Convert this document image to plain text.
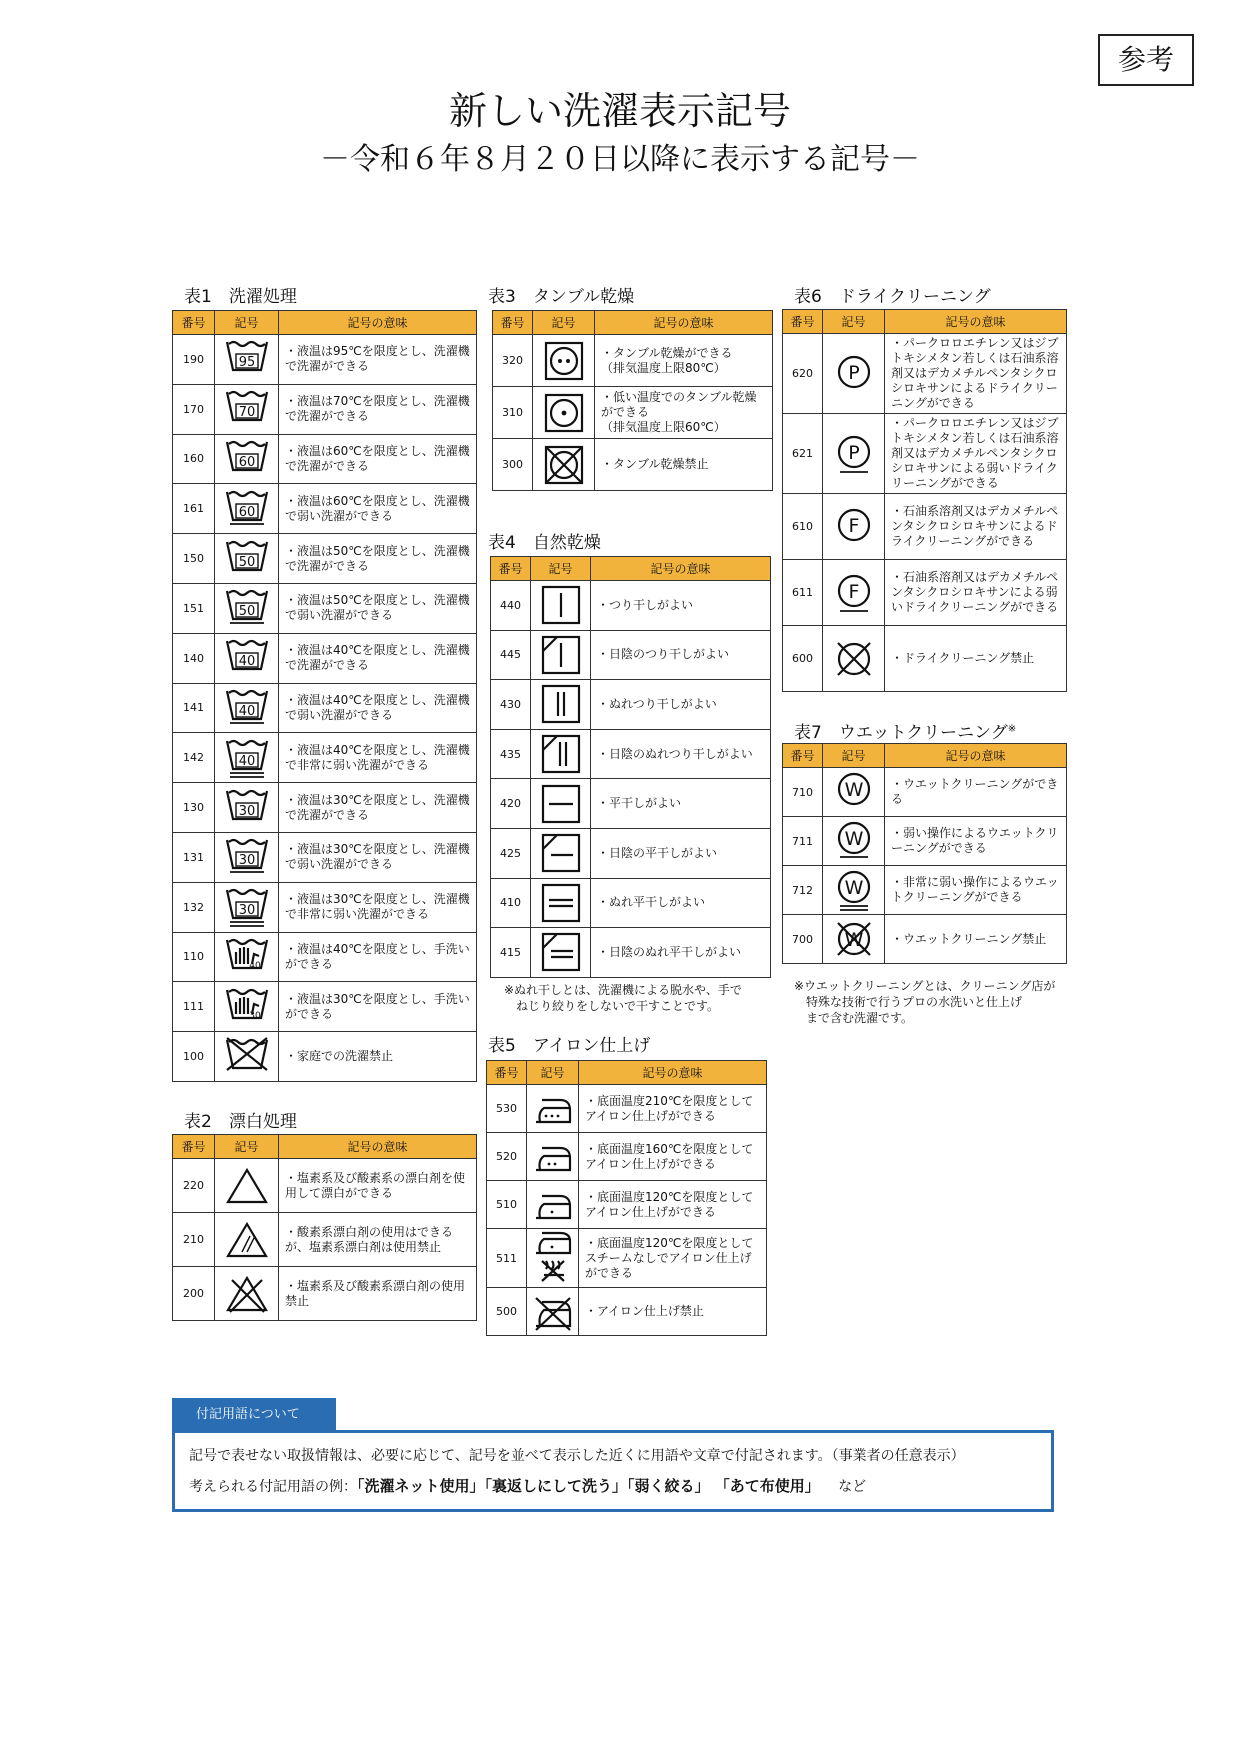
参考
新しい洗濯表示記号
－令和６年８月２０日以降に表示する記号－
表1　洗濯処理
番号	記号	記号の意味
190	95	・液温は95℃を限度とし、洗濯機で洗濯ができる
170	70	・液温は70℃を限度とし、洗濯機で洗濯ができる
160	60	・液温は60℃を限度とし、洗濯機で洗濯ができる
161	60	・液温は60℃を限度とし、洗濯機で弱い洗濯ができる
150	50	・液温は50℃を限度とし、洗濯機で洗濯ができる
151	50	・液温は50℃を限度とし、洗濯機で弱い洗濯ができる
140	40	・液温は40℃を限度とし、洗濯機で洗濯ができる
141	40	・液温は40℃を限度とし、洗濯機で弱い洗濯ができる
142	40	・液温は40℃を限度とし、洗濯機で非常に弱い洗濯ができる
130	30	・液温は30℃を限度とし、洗濯機で洗濯ができる
131	30	・液温は30℃を限度とし、洗濯機で弱い洗濯ができる
132	30	・液温は30℃を限度とし、洗濯機で非常に弱い洗濯ができる
110	40	・液温は40℃を限度とし、手洗いができる
111	30	・液温は30℃を限度とし、手洗いができる
100		・家庭での洗濯禁止
表2　漂白処理
番号	記号	記号の意味
220		・塩素系及び酸素系の漂白剤を使用して漂白ができる
210		・酸素系漂白剤の使用はできるが、塩素系漂白剤は使用禁止
200		・塩素系及び酸素系漂白剤の使用禁止
表3　タンブル乾燥
番号	記号	記号の意味
320		・タンブル乾燥ができる
（排気温度上限80℃）
310		・低い温度でのタンブル乾燥ができる
（排気温度上限60℃）
300		・タンブル乾燥禁止
表4　自然乾燥
番号	記号	記号の意味
440		・つり干しがよい
445		・日陰のつり干しがよい
430		・ぬれつり干しがよい
435		・日陰のぬれつり干しがよい
420		・平干しがよい
425		・日陰の平干しがよい
410		・ぬれ平干しがよい
415		・日陰のぬれ平干しがよい
※ぬれ干しとは、洗濯機による脱水や、手で
　ねじり絞りをしないで干すことです。
表5　アイロン仕上げ
番号	記号	記号の意味
530		・底面温度210℃を限度としてアイロン仕上げができる
520		・底面温度160℃を限度としてアイロン仕上げができる
510		・底面温度120℃を限度としてアイロン仕上げができる
511		・底面温度120℃を限度としてスチームなしでアイロン仕上げができる
500		・アイロン仕上げ禁止
表6　ドライクリーニング
番号	記号	記号の意味
620	P	・パークロロエチレン又はジブトキシメタン若しくは石油系溶剤又はデカメチルペンタシクロシロキサンによるドライクリーニングができる
621	P	・パークロロエチレン又はジブトキシメタン若しくは石油系溶剤又はデカメチルペンタシクロシロキサンによる弱いドライクリーニングができる
610	F	・石油系溶剤又はデカメチルペンタシクロシロキサンによるドライクリーニングができる
611	F	・石油系溶剤又はデカメチルペンタシクロシロキサンによる弱いドライクリーニングができる
600		・ドライクリーニング禁止
表7　ウエットクリーニング※
番号	記号	記号の意味
710	W	・ウエットクリーニングができる
711	W	・弱い操作によるウエットクリーニングができる
712	W	・非常に弱い操作によるウエットクリーニングができる
700	W	・ウエットクリーニング禁止
※ウエットクリーニングとは、クリーニング店が
　特殊な技術で行うプロの水洗いと仕上げ
　まで含む洗濯です。
付記用語について
記号で表せない取扱情報は、必要に応じて、記号を並べて表示した近くに用語や文章で付記されます。（事業者の任意表示）
考えられる付記用語の例：「洗濯ネット使用」「裏返しにして洗う」「弱く絞る」 「あて布使用」 など
